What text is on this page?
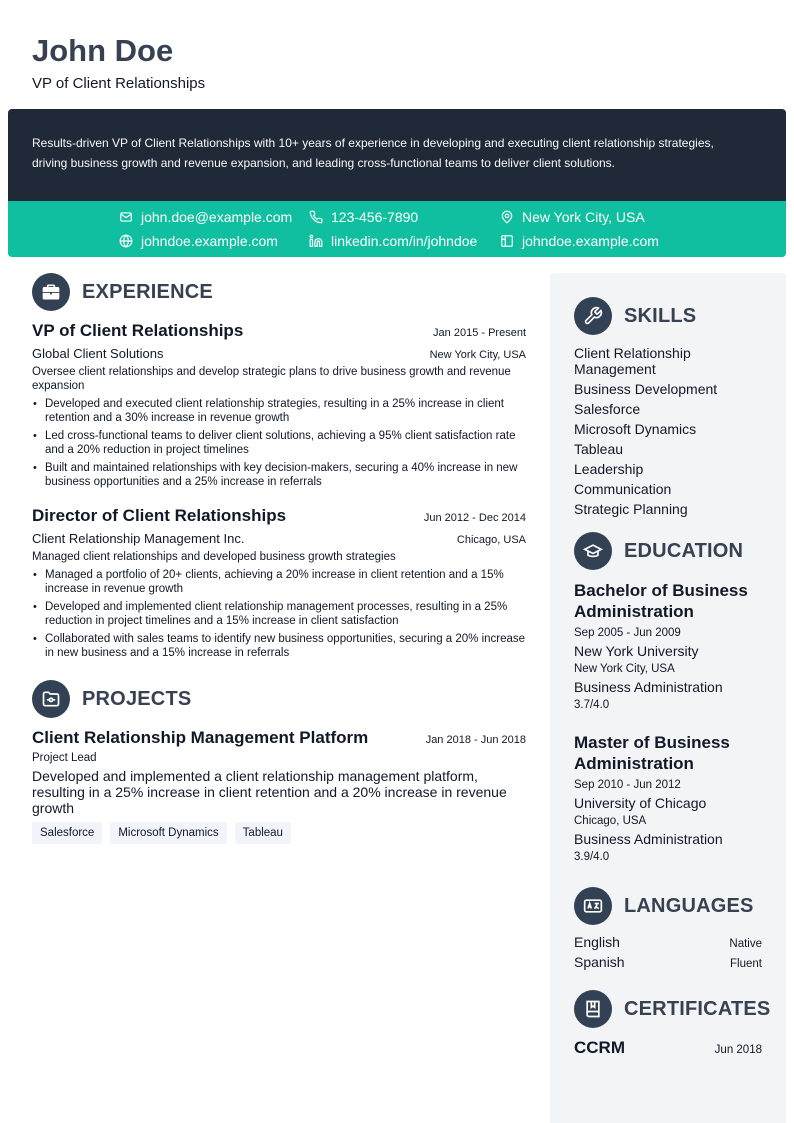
John Doe
VP of Client Relationships
Results-driven VP of Client Relationships with 10+ years of experience in developing and executing client relationship strategies, driving business growth and revenue expansion, and leading cross-functional teams to deliver client solutions.
john.doe@example.com	123-456-7890	New York City, USA
johndoe.example.com	linkedin.com/in/johndoe	johndoe.example.com
EXPERIENCE
VP of Client Relationships	Jan 2015 - Present
Global Client Solutions	New York City, USA
Oversee client relationships and develop strategic plans to drive business growth and revenue expansion
• Developed and executed client relationship strategies, resulting in a 25% increase in client retention and a 30% increase in revenue growth
• Led cross-functional teams to deliver client solutions, achieving a 95% client satisfaction rate and a 20% reduction in project timelines
• Built and maintained relationships with key decision-makers, securing a 40% increase in new business opportunities and a 25% increase in referrals
Director of Client Relationships	Jun 2012 - Dec 2014
Client Relationship Management Inc.	Chicago, USA
Managed client relationships and developed business growth strategies
• Managed a portfolio of 20+ clients, achieving a 20% increase in client retention and a 15% increase in revenue growth
• Developed and implemented client relationship management processes, resulting in a 25% reduction in project timelines and a 15% increase in client satisfaction
• Collaborated with sales teams to identify new business opportunities, securing a 20% increase in new business and a 15% increase in referrals
PROJECTS
Client Relationship Management Platform	Jan 2018 - Jun 2018
Project Lead
Developed and implemented a client relationship management platform, resulting in a 25% increase in client retention and a 20% increase in revenue growth
Salesforce	Microsoft Dynamics	Tableau
SKILLS
Client Relationship Management
Business Development
Salesforce
Microsoft Dynamics
Tableau
Leadership
Communication
Strategic Planning
EDUCATION
Bachelor of Business Administration
Sep 2005 - Jun 2009
New York University
New York City, USA
Business Administration
3.7/4.0
Master of Business Administration
Sep 2010 - Jun 2012
University of Chicago
Chicago, USA
Business Administration
3.9/4.0
LANGUAGES
English	Native
Spanish	Fluent
CERTIFICATES
CCRM	Jun 2018
